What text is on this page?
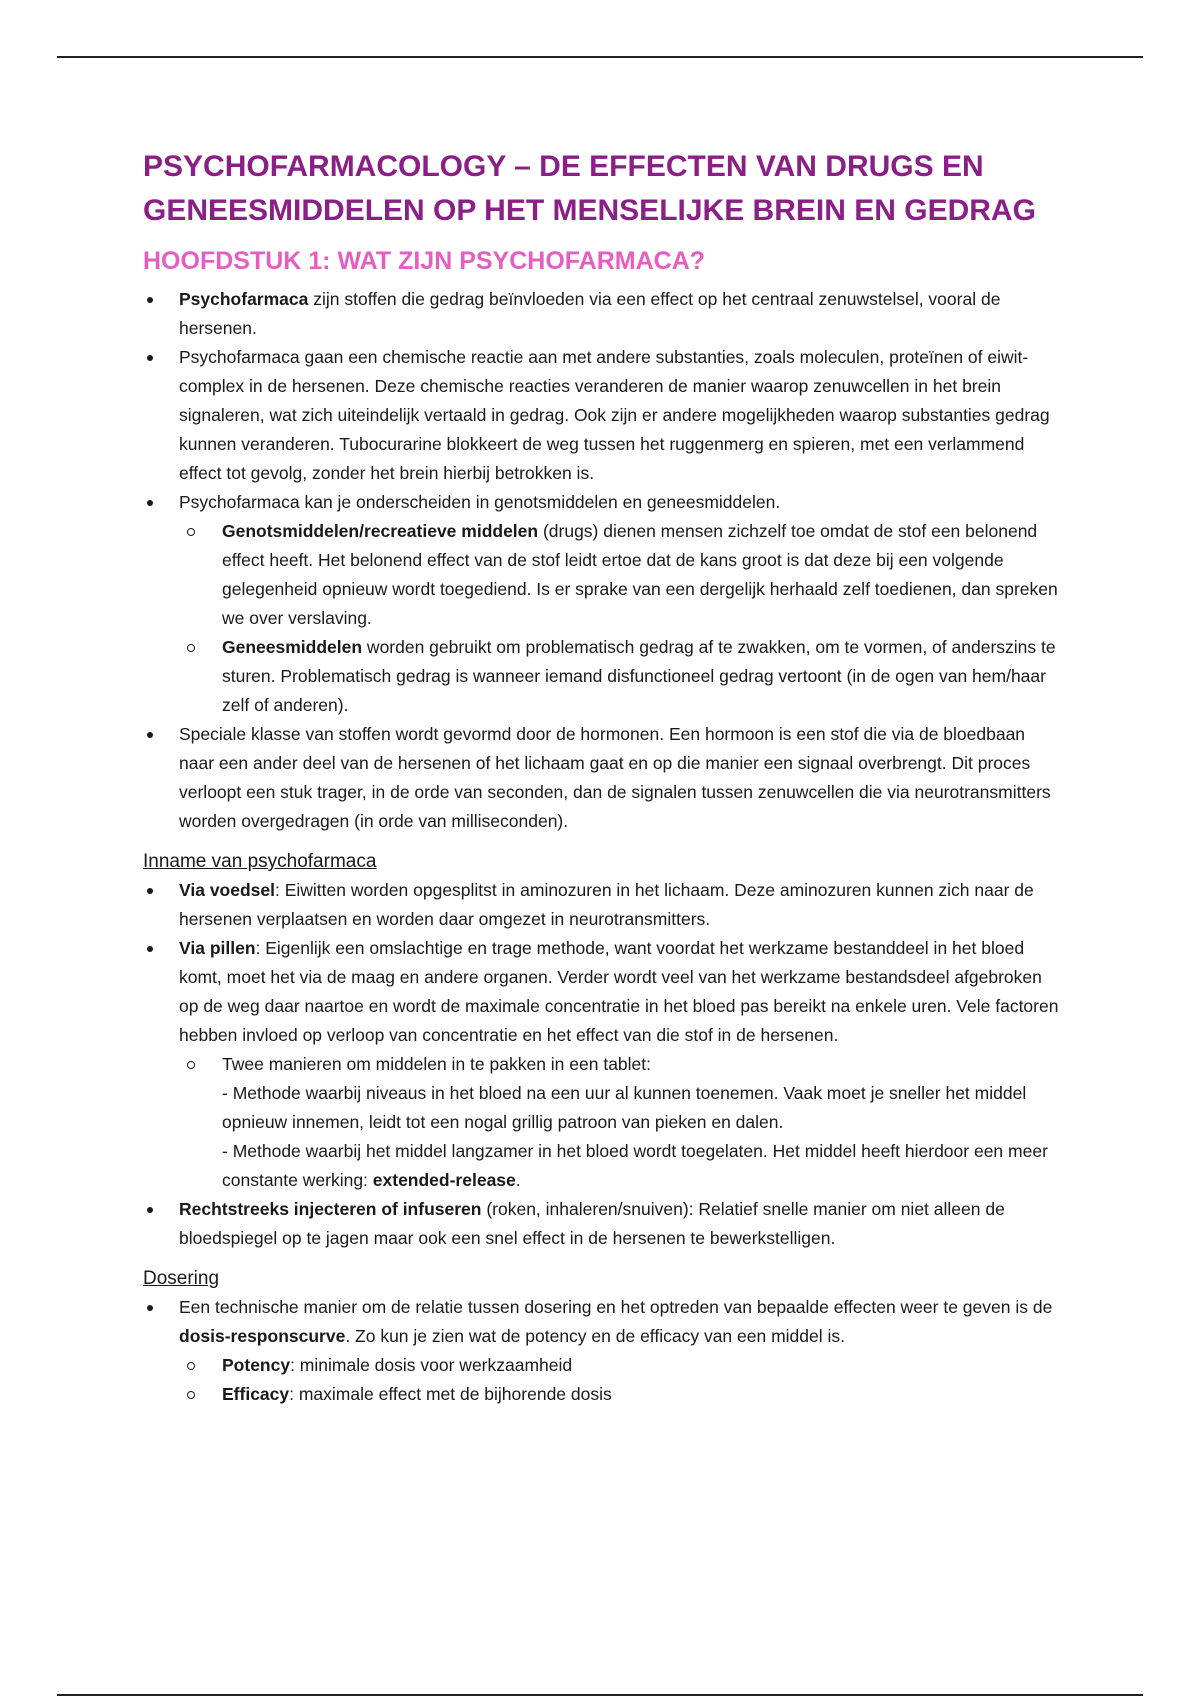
PSYCHOFARMACOLOGY – DE EFFECTEN VAN DRUGS EN GENEESMIDDELEN OP HET MENSELIJKE BREIN EN GEDRAG
HOOFDSTUK 1: WAT ZIJN PSYCHOFARMACA?
Psychofarmaca zijn stoffen die gedrag beïnvloeden via een effect op het centraal zenuwstelsel, vooral de hersenen.
Psychofarmaca gaan een chemische reactie aan met andere substanties, zoals moleculen, proteïnen of eiwit-complex in de hersenen. Deze chemische reacties veranderen de manier waarop zenuwcellen in het brein signaleren, wat zich uiteindelijk vertaald in gedrag. Ook zijn er andere mogelijkheden waarop substanties gedrag kunnen veranderen. Tubocurarine blokkeert de weg tussen het ruggenmerg en spieren, met een verlammend effect tot gevolg, zonder het brein hierbij betrokken is.
Psychofarmaca kan je onderscheiden in genotsmiddelen en geneesmiddelen.
Genotsmiddelen/recreatieve middelen (drugs) dienen mensen zichzelf toe omdat de stof een belonend effect heeft. Het belonend effect van de stof leidt ertoe dat de kans groot is dat deze bij een volgende gelegenheid opnieuw wordt toegediend. Is er sprake van een dergelijk herhaald zelf toedienen, dan spreken we over verslaving.
Geneesmiddelen worden gebruikt om problematisch gedrag af te zwakken, om te vormen, of anderszins te sturen. Problematisch gedrag is wanneer iemand disfunctioneel gedrag vertoont (in de ogen van hem/haar zelf of anderen).
Speciale klasse van stoffen wordt gevormd door de hormonen. Een hormoon is een stof die via de bloedbaan naar een ander deel van de hersenen of het lichaam gaat en op die manier een signaal overbrengt. Dit proces verloopt een stuk trager, in de orde van seconden, dan de signalen tussen zenuwcellen die via neurotransmitters worden overgedragen (in orde van milliseconden).
Inname van psychofarmaca
Via voedsel: Eiwitten worden opgesplitst in aminozuren in het lichaam. Deze aminozuren kunnen zich naar de hersenen verplaatsen en worden daar omgezet in neurotransmitters.
Via pillen: Eigenlijk een omslachtige en trage methode, want voordat het werkzame bestanddeel in het bloed komt, moet het via de maag en andere organen. Verder wordt veel van het werkzame bestandsdeel afgebroken op de weg daar naartoe en wordt de maximale concentratie in het bloed pas bereikt na enkele uren. Vele factoren hebben invloed op verloop van concentratie en het effect van die stof in de hersenen.
Twee manieren om middelen in te pakken in een tablet:
- Methode waarbij niveaus in het bloed na een uur al kunnen toenemen. Vaak moet je sneller het middel opnieuw innemen, leidt tot een nogal grillig patroon van pieken en dalen.
- Methode waarbij het middel langzamer in het bloed wordt toegelaten. Het middel heeft hierdoor een meer constante werking: extended-release.
Rechtstreeks injecteren of infuseren (roken, inhaleren/snuiven): Relatief snelle manier om niet alleen de bloedspiegel op te jagen maar ook een snel effect in de hersenen te bewerkstelligen.
Dosering
Een technische manier om de relatie tussen dosering en het optreden van bepaalde effecten weer te geven is de dosis-responscurve. Zo kun je zien wat de potency en de efficacy van een middel is.
Potency: minimale dosis voor werkzaamheid
Efficacy: maximale effect met de bijhorende dosis
